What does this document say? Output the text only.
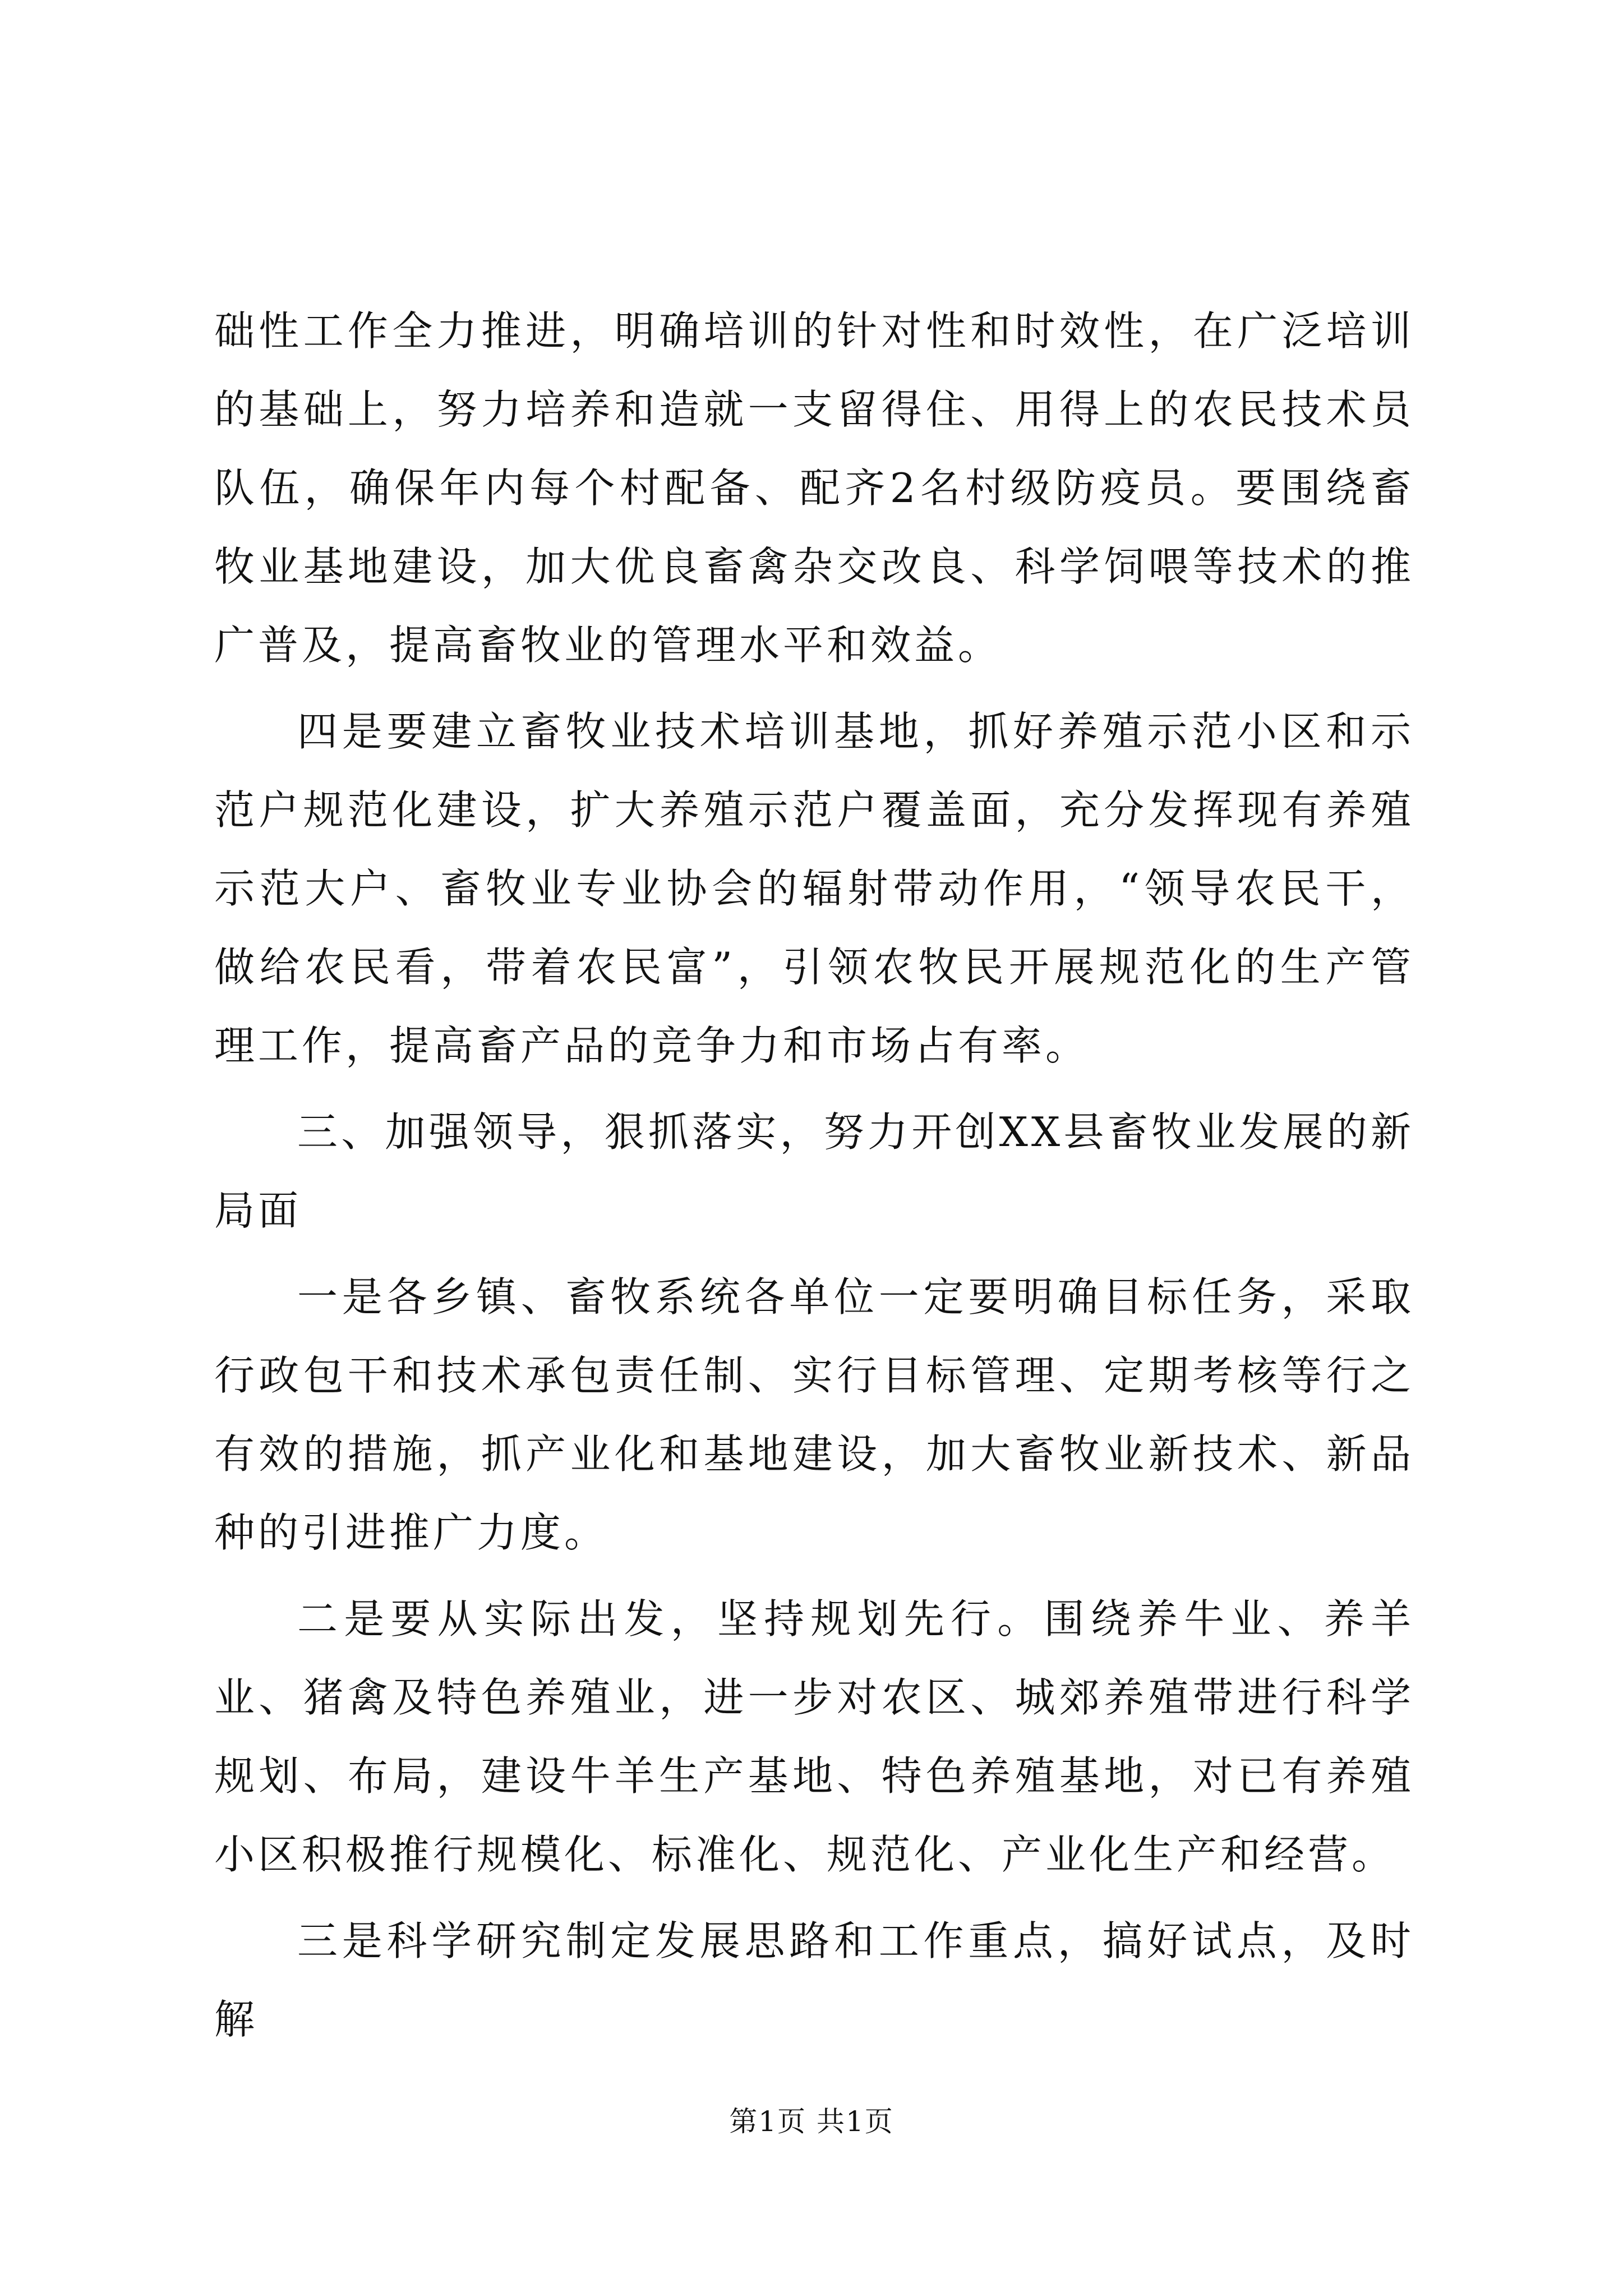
础性工作全力推进，明确培训的针对性和时效性，在广泛培训的基础上，努力培养和造就一支留得住、用得上的农民技术员队伍，确保年内每个村配备、配齐2名村级防疫员。要围绕畜牧业基地建设，加大优良畜禽杂交改良、科学饲喂等技术的推广普及，提高畜牧业的管理水平和效益。

四是要建立畜牧业技术培训基地，抓好养殖示范小区和示范户规范化建设，扩大养殖示范户覆盖面，充分发挥现有养殖示范大户、畜牧业专业协会的辐射带动作用，“领导农民干，做给农民看，带着农民富”，引领农牧民开展规范化的生产管理工作，提高畜产品的竞争力和市场占有率。

三、加强领导，狠抓落实，努力开创XX县畜牧业发展的新局面

一是各乡镇、畜牧系统各单位一定要明确目标任务，采取行政包干和技术承包责任制、实行目标管理、定期考核等行之有效的措施，抓产业化和基地建设，加大畜牧业新技术、新品种的引进推广力度。

二是要从实际出发，坚持规划先行。围绕养牛业、养羊业、猪禽及特色养殖业，进一步对农区、城郊养殖带进行科学规划、布局，建设牛羊生产基地、特色养殖基地，对已有养殖小区积极推行规模化、标准化、规范化、产业化生产和经营。

三是科学研究制定发展思路和工作重点，搞好试点，及时解

第1页 共1页
